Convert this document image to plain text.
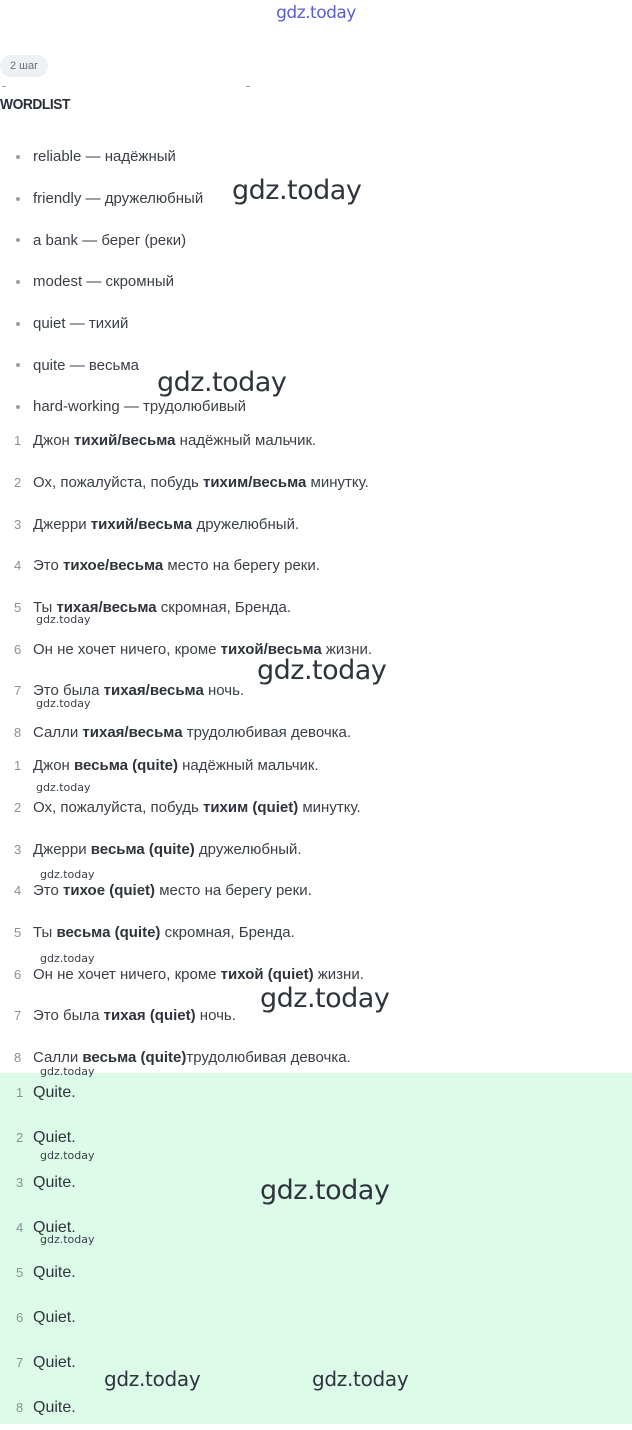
gdz.today
2 шаг
WORDLIST
reliable — надёжный
friendly — дружелюбный
a bank — берег (реки)
modest — скромный
quiet — тихий
quite — весьма
hard-working — трудолюбивый
1 Джон тихий/весьма надёжный мальчик.
2 Ох, пожалуйста, побудь тихим/весьма минутку.
3 Джерри тихий/весьма дружелюбный.
4 Это тихое/весьма место на берегу реки.
5 Ты тихая/весьма скромная, Бренда.
6 Он не хочет ничего, кроме тихой/весьма жизни.
7 Это была тихая/весьма ночь.
8 Салли тихая/весьма трудолюбивая девочка.
1 Джон весьма (quite) надёжный мальчик.
2 Ох, пожалуйста, побудь тихим (quiet) минутку.
3 Джерри весьма (quite) дружелюбный.
4 Это тихое (quiet) место на берегу реки.
5 Ты весьма (quite) скромная, Бренда.
6 Он не хочет ничего, кроме тихой (quiet) жизни.
7 Это была тихая (quiet) ночь.
8 Салли весьма (quite)трудолюбивая девочка.
1 Quite.
2 Quiet.
3 Quite.
4 Quiet.
5 Quite.
6 Quiet.
7 Quiet.
8 Quite.
gdz.today
gdz.today
gdz.today
gdz.today
gdz.today
gdz.today	gdz.today
gdz.today
gdz.today
gdz.today
gdz.today
gdz.today
gdz.today
gdz.today
gdz.today
